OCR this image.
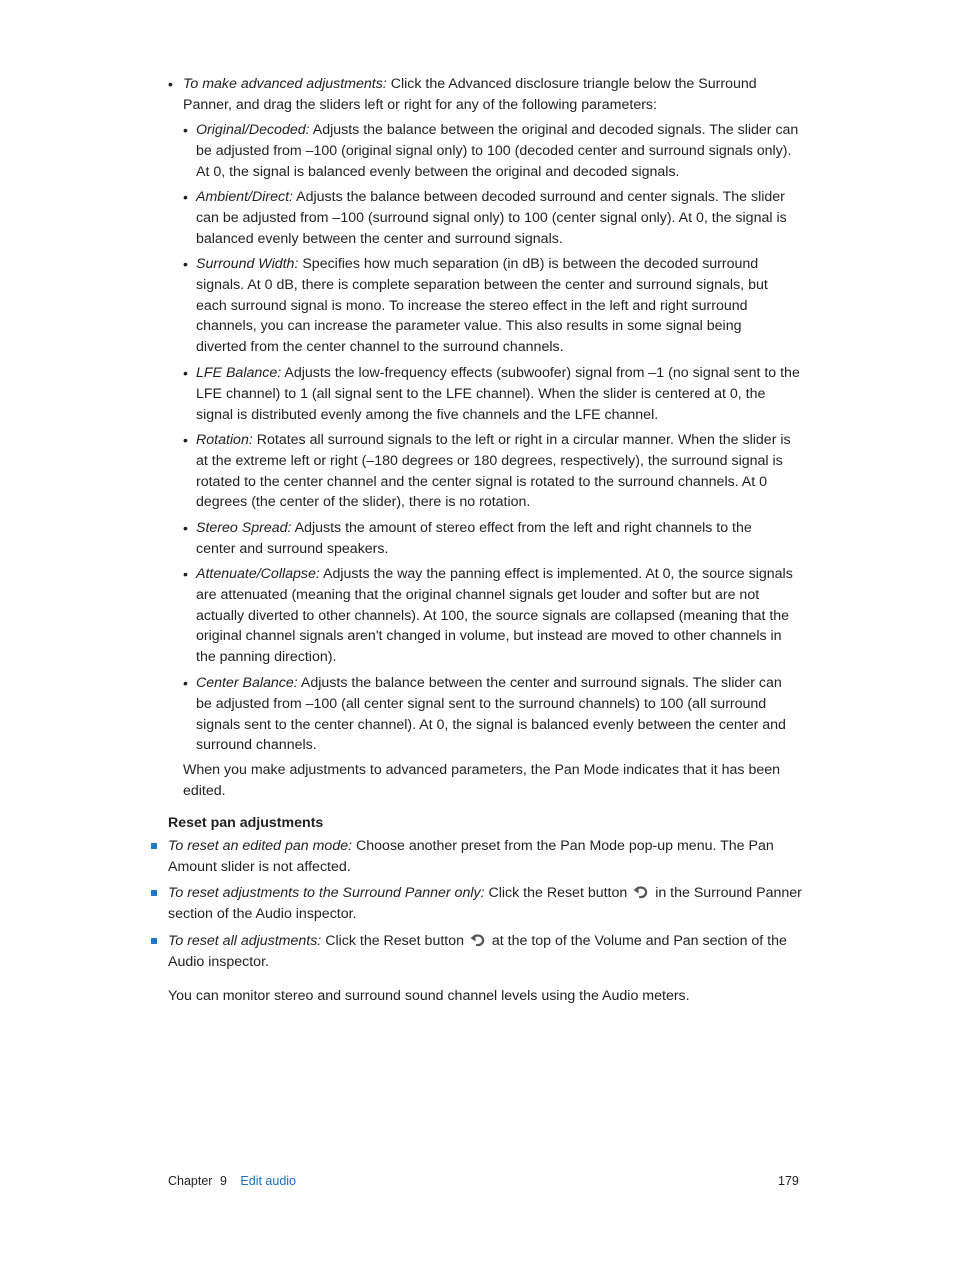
• To make advanced adjustments: Click the Advanced disclosure triangle below the Surround Panner, and drag the sliders left or right for any of the following parameters:
• Original/Decoded: Adjusts the balance between the original and decoded signals. The slider can be adjusted from –100 (original signal only) to 100 (decoded center and surround signals only). At 0, the signal is balanced evenly between the original and decoded signals.
• Ambient/Direct: Adjusts the balance between decoded surround and center signals. The slider can be adjusted from –100 (surround signal only) to 100 (center signal only). At 0, the signal is balanced evenly between the center and surround signals.
• Surround Width: Specifies how much separation (in dB) is between the decoded surround signals. At 0 dB, there is complete separation between the center and surround signals, but each surround signal is mono. To increase the stereo effect in the left and right surround channels, you can increase the parameter value. This also results in some signal being diverted from the center channel to the surround channels.
• LFE Balance: Adjusts the low-frequency effects (subwoofer) signal from –1 (no signal sent to the LFE channel) to 1 (all signal sent to the LFE channel). When the slider is centered at 0, the signal is distributed evenly among the five channels and the LFE channel.
• Rotation: Rotates all surround signals to the left or right in a circular manner. When the slider is at the extreme left or right (–180 degrees or 180 degrees, respectively), the surround signal is rotated to the center channel and the center signal is rotated to the surround channels. At 0 degrees (the center of the slider), there is no rotation.
• Stereo Spread: Adjusts the amount of stereo effect from the left and right channels to the center and surround speakers.
• Attenuate/Collapse: Adjusts the way the panning effect is implemented. At 0, the source signals are attenuated (meaning that the original channel signals get louder and softer but are not actually diverted to other channels). At 100, the source signals are collapsed (meaning that the original channel signals aren't changed in volume, but instead are moved to other channels in the panning direction).
• Center Balance: Adjusts the balance between the center and surround signals. The slider can be adjusted from –100 (all center signal sent to the surround channels) to 100 (all surround signals sent to the center channel). At 0, the signal is balanced evenly between the center and surround channels.
When you make adjustments to advanced parameters, the Pan Mode indicates that it has been edited.
Reset pan adjustments
To reset an edited pan mode: Choose another preset from the Pan Mode pop-up menu. The Pan Amount slider is not affected.
To reset adjustments to the Surround Panner only: Click the Reset button in the Surround Panner section of the Audio inspector.
To reset all adjustments: Click the Reset button at the top of the Volume and Pan section of the Audio inspector.
You can monitor stereo and surround sound channel levels using the Audio meters.
Chapter 9 Edit audio	179
